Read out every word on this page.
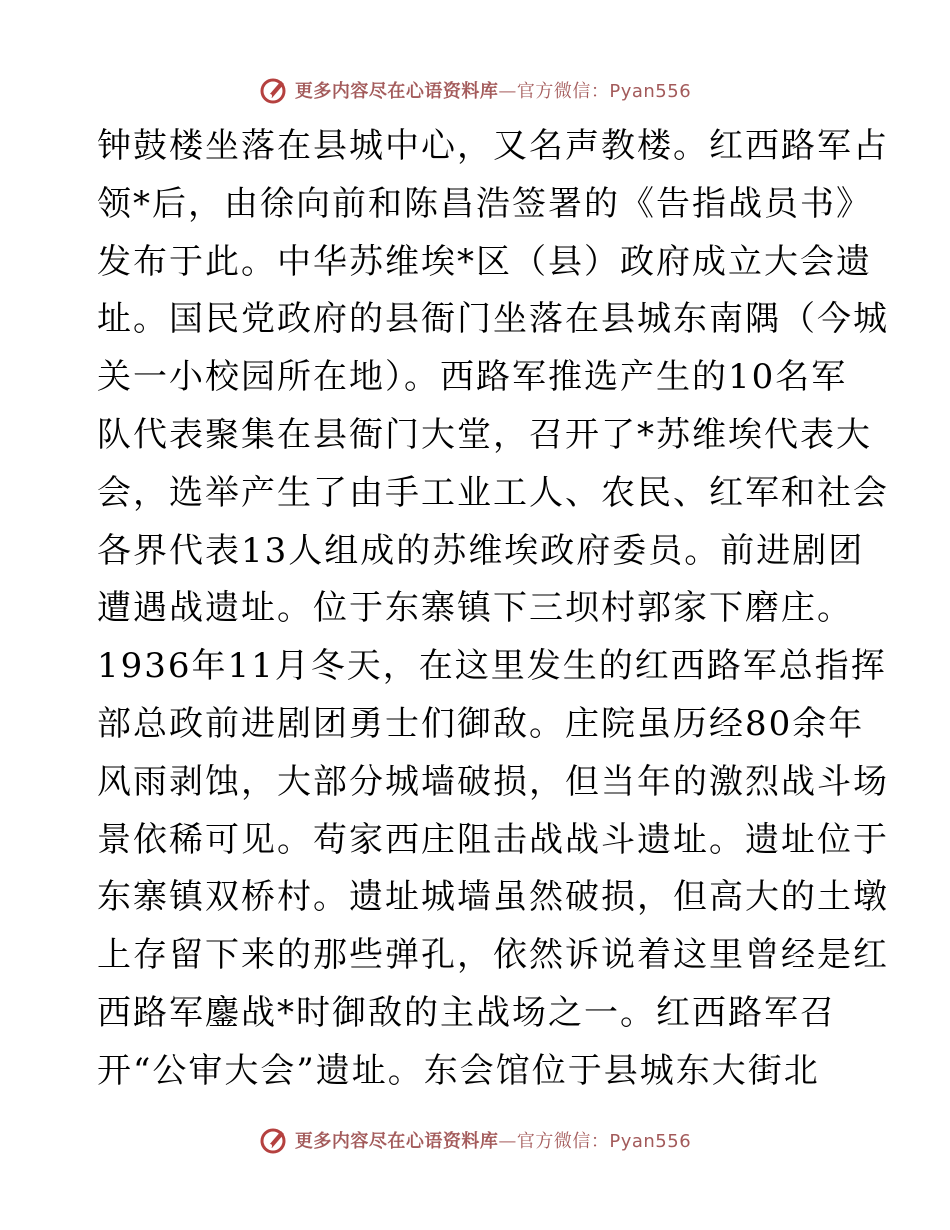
更多内容尽在心语资料库—官方微信：Pyan556
钟鼓楼坐落在县城中心，又名声教楼。红西路军占
领*后，由徐向前和陈昌浩签署的《告指战员书》
发布于此。中华苏维埃*区（县）政府成立大会遗
址。国民党政府的县衙门坐落在县城东南隅（今城
关一小校园所在地）。西路军推选产生的10名军
队代表聚集在县衙门大堂，召开了*苏维埃代表大
会，选举产生了由手工业工人、农民、红军和社会
各界代表13人组成的苏维埃政府委员。前进剧团
遭遇战遗址。位于东寨镇下三坝村郭家下磨庄。
1936年11月冬天，在这里发生的红西路军总指挥
部总政前进剧团勇士们御敌。庄院虽历经80余年
风雨剥蚀，大部分城墙破损，但当年的激烈战斗场
景依稀可见。苟家西庄阻击战战斗遗址。遗址位于
东寨镇双桥村。遗址城墙虽然破损，但高大的土墩
上存留下来的那些弹孔，依然诉说着这里曾经是红
西路军鏖战*时御敌的主战场之一。红西路军召
开“公审大会”遗址。东会馆位于县城东大街北
更多内容尽在心语资料库—官方微信：Pyan556
